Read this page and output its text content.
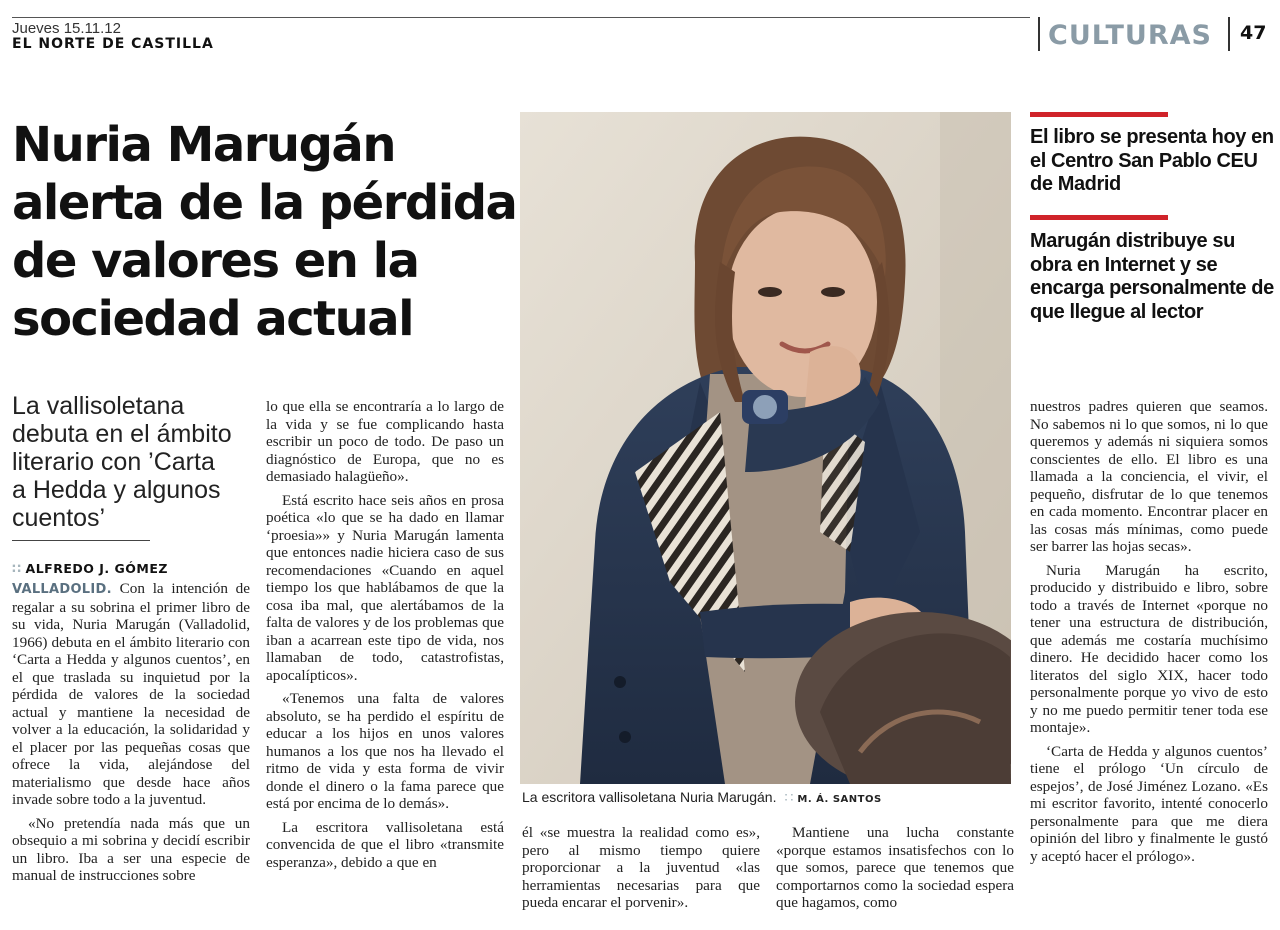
Jueves 15.11.12
EL NORTE DE CASTILLA	CULTURAS 47
Nuria Marugán
alerta de la pérdida
de valores en la
sociedad actual
La vallisoletana
debuta en el ámbito
literario con ’Carta
a Hedda y algunos
cuentos’
∷ ALFREDO J. GÓMEZ

VALLADOLID. Con la intención de regalar a su sobrina el primer libro de su vida, Nuria Marugán (Valladolid, 1966) debuta en el ámbito literario con ‘Carta a Hedda y algunos cuentos’, en el que traslada su inquietud por la pérdida de valores de la sociedad actual y mantiene la necesidad de volver a la educación, la solidaridad y el placer por las pequeñas cosas que ofrece la vida, alejándose del materialismo que desde hace años invade sobre todo a la juventud.

«No pretendía nada más que un obsequio a mi sobrina y decidí escribir un libro. Iba a ser una especie de manual de instrucciones sobre

lo que ella se encontraría a lo largo de la vida y se fue complicando hasta escribir un poco de todo. De paso un diagnóstico de Europa, que no es demasiado halagüeño».

Está escrito hace seis años en prosa poética «lo que se ha dado en llamar ‘proesia»» y Nuria Marugán lamenta que entonces nadie hiciera caso de sus recomendaciones «Cuando en aquel tiempo los que hablábamos de que la cosa iba mal, que alertábamos de la falta de valores y de los problemas que iban a acarrean este tipo de vida, nos llamaban de todo, catastrofistas, apocalípticos».

«Tenemos una falta de valores absoluto, se ha perdido el espíritu de educar a los hijos en unos valores humanos a los que nos ha llevado el ritmo de vida y esta forma de vivir donde el dinero o la fama parece que está por encima de lo demás».

La escritora vallisoletana está convencida de que el libro «transmite esperanza», debido a que en

La escritora vallisoletana Nuria Marugán. ∷ M. Á. SANTOS

él «se muestra la realidad como es», pero al mismo tiempo quiere proporcionar a la juventud «las herramientas necesarias para que pueda encarar el porvenir».

Mantiene una lucha constante «porque estamos insatisfechos con lo que somos, parece que tenemos que comportarnos como la sociedad espera que hagamos, como

El libro se presenta hoy en el Centro San Pablo CEU de Madrid
Marugán distribuye su obra en Internet y se encarga personalmente de que llegue al lector

nuestros padres quieren que seamos. No sabemos ni lo que somos, ni lo que queremos y además ni siquiera somos conscientes de ello. El libro es una llamada a la conciencia, el vivir, el pequeño, disfrutar de lo que tenemos en cada momento. Encontrar placer en las cosas más mínimas, como puede ser barrer las hojas secas».

Nuria Marugán ha escrito, producido y distribuido e libro, sobre todo a través de Internet «porque no tener una estructura de distribución, que además me costaría muchísimo dinero. He decidido hacer como los literatos del siglo XIX, hacer todo personalmente porque yo vivo de esto y no me puedo permitir tener toda ese montaje».

‘Carta de Hedda y algunos cuentos’ tiene el prólogo ‘Un círculo de espejos’, de José Jiménez Lozano. «Es mi escritor favorito, intenté conocerlo personalmente para que me diera opinión del libro y finalmente le gustó y aceptó hacer el prólogo».
